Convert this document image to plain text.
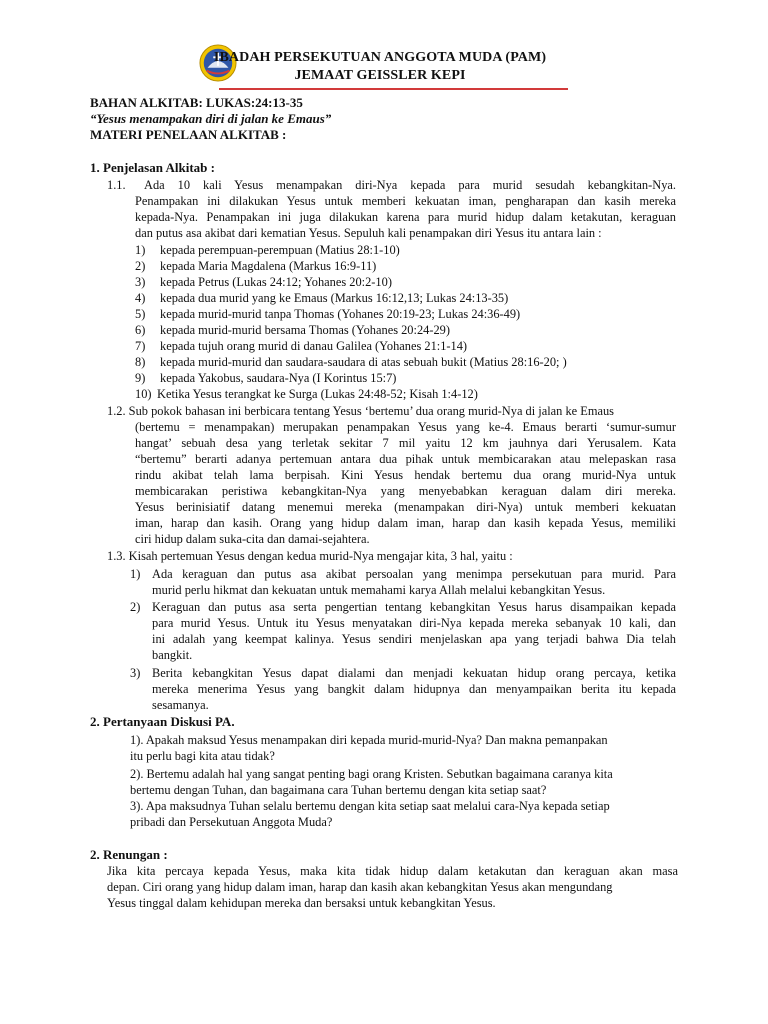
IBADAH PERSEKUTUAN ANGGOTA MUDA (PAM)
JEMAAT GEISSLER KEPI
BAHAN ALKITAB: LUKAS:24:13-35
“Yesus menampakan diri di jalan ke Emaus”
MATERI PENELAAN ALKITAB :
1. Penjelasan Alkitab :
1.1. Ada 10 kali Yesus menampakan diri-Nya kepada para murid sesudah kebangkitan-Nya.
Penampakan ini dilakukan Yesus untuk memberi kekuatan iman, pengharapan dan kasih mereka
kepada-Nya. Penampakan ini juga dilakukan karena para murid hidup dalam ketakutan, keraguan
dan putus asa akibat dari kematian Yesus. Sepuluh kali penampakan diri Yesus itu antara lain :
1) kepada perempuan-perempuan (Matius 28:1-10)
2) kepada Maria Magdalena (Markus 16:9-11)
3) kepada Petrus (Lukas 24:12; Yohanes 20:2-10)
4) kepada dua murid yang ke Emaus (Markus 16:12,13; Lukas 24:13-35)
5) kepada murid-murid tanpa Thomas (Yohanes 20:19-23; Lukas 24:36-49)
6) kepada murid-murid bersama Thomas (Yohanes 20:24-29)
7) kepada tujuh orang murid di danau Galilea (Yohanes 21:1-14)
8) kepada murid-murid dan saudara-saudara di atas sebuah bukit (Matius 28:16-20; )
9) kepada Yakobus, saudara-Nya (I Korintus 15:7)
10) Ketika Yesus terangkat ke Surga (Lukas 24:48-52; Kisah 1:4-12)
1.2. Sub pokok bahasan ini berbicara tentang Yesus ‘bertemu’ dua orang murid-Nya di jalan ke Emaus
(bertemu = menampakan) merupakan penampakan Yesus yang ke-4. Emaus berarti ‘sumur-sumur
hangat’ sebuah desa yang terletak sekitar 7 mil yaitu 12 km jauhnya dari Yerusalem. Kata
“bertemu” berarti adanya pertemuan antara dua pihak untuk membicarakan atau melepaskan rasa
rindu akibat telah lama berpisah. Kini Yesus hendak bertemu dua orang murid-Nya untuk
membicarakan peristiwa kebangkitan-Nya yang menyebabkan keraguan dalam diri mereka.
Yesus berinisiatif datang menemui mereka (menampakan diri-Nya) untuk memberi kekuatan
iman, harap dan kasih. Orang yang hidup dalam iman, harap dan kasih kepada Yesus, memiliki
ciri hidup dalam suka-cita dan damai-sejahtera.
1.3. Kisah pertemuan Yesus dengan kedua murid-Nya mengajar kita, 3 hal, yaitu :
1) Ada keraguan dan putus asa akibat persoalan yang menimpa persekutuan para murid. Para
murid perlu hikmat dan kekuatan untuk memahami karya Allah melalui kebangkitan Yesus.
2) Keraguan dan putus asa serta pengertian tentang kebangkitan Yesus harus disampaikan kepada
para murid Yesus. Untuk itu Yesus menyatakan diri-Nya kepada mereka sebanyak 10 kali, dan
ini adalah yang keempat kalinya. Yesus sendiri menjelaskan apa yang terjadi bahwa Dia telah
bangkit.
3) Berita kebangkitan Yesus dapat dialami dan menjadi kekuatan hidup orang percaya, ketika
mereka menerima Yesus yang bangkit dalam hidupnya dan menyampaikan berita itu kepada
sesamanya.
2. Pertanyaan Diskusi PA.
1). Apakah maksud Yesus menampakan diri kepada murid-murid-Nya? Dan makna pemanpakan
itu perlu bagi kita atau tidak?
2). Bertemu adalah hal yang sangat penting bagi orang Kristen. Sebutkan bagaimana caranya kita
bertemu dengan Tuhan, dan bagaimana cara Tuhan bertemu dengan kita setiap saat?
3). Apa maksudnya Tuhan selalu bertemu dengan kita setiap saat melalui cara-Nya kepada setiap
pribadi dan Persekutuan Anggota Muda?
2. Renungan :
Jika kita percaya kepada Yesus, maka kita tidak hidup dalam ketakutan dan keraguan akan masa
depan. Ciri orang yang hidup dalam iman, harap dan kasih akan kebangkitan Yesus akan mengundang
Yesus tinggal dalam kehidupan mereka dan bersaksi untuk kebangkitan Yesus.
